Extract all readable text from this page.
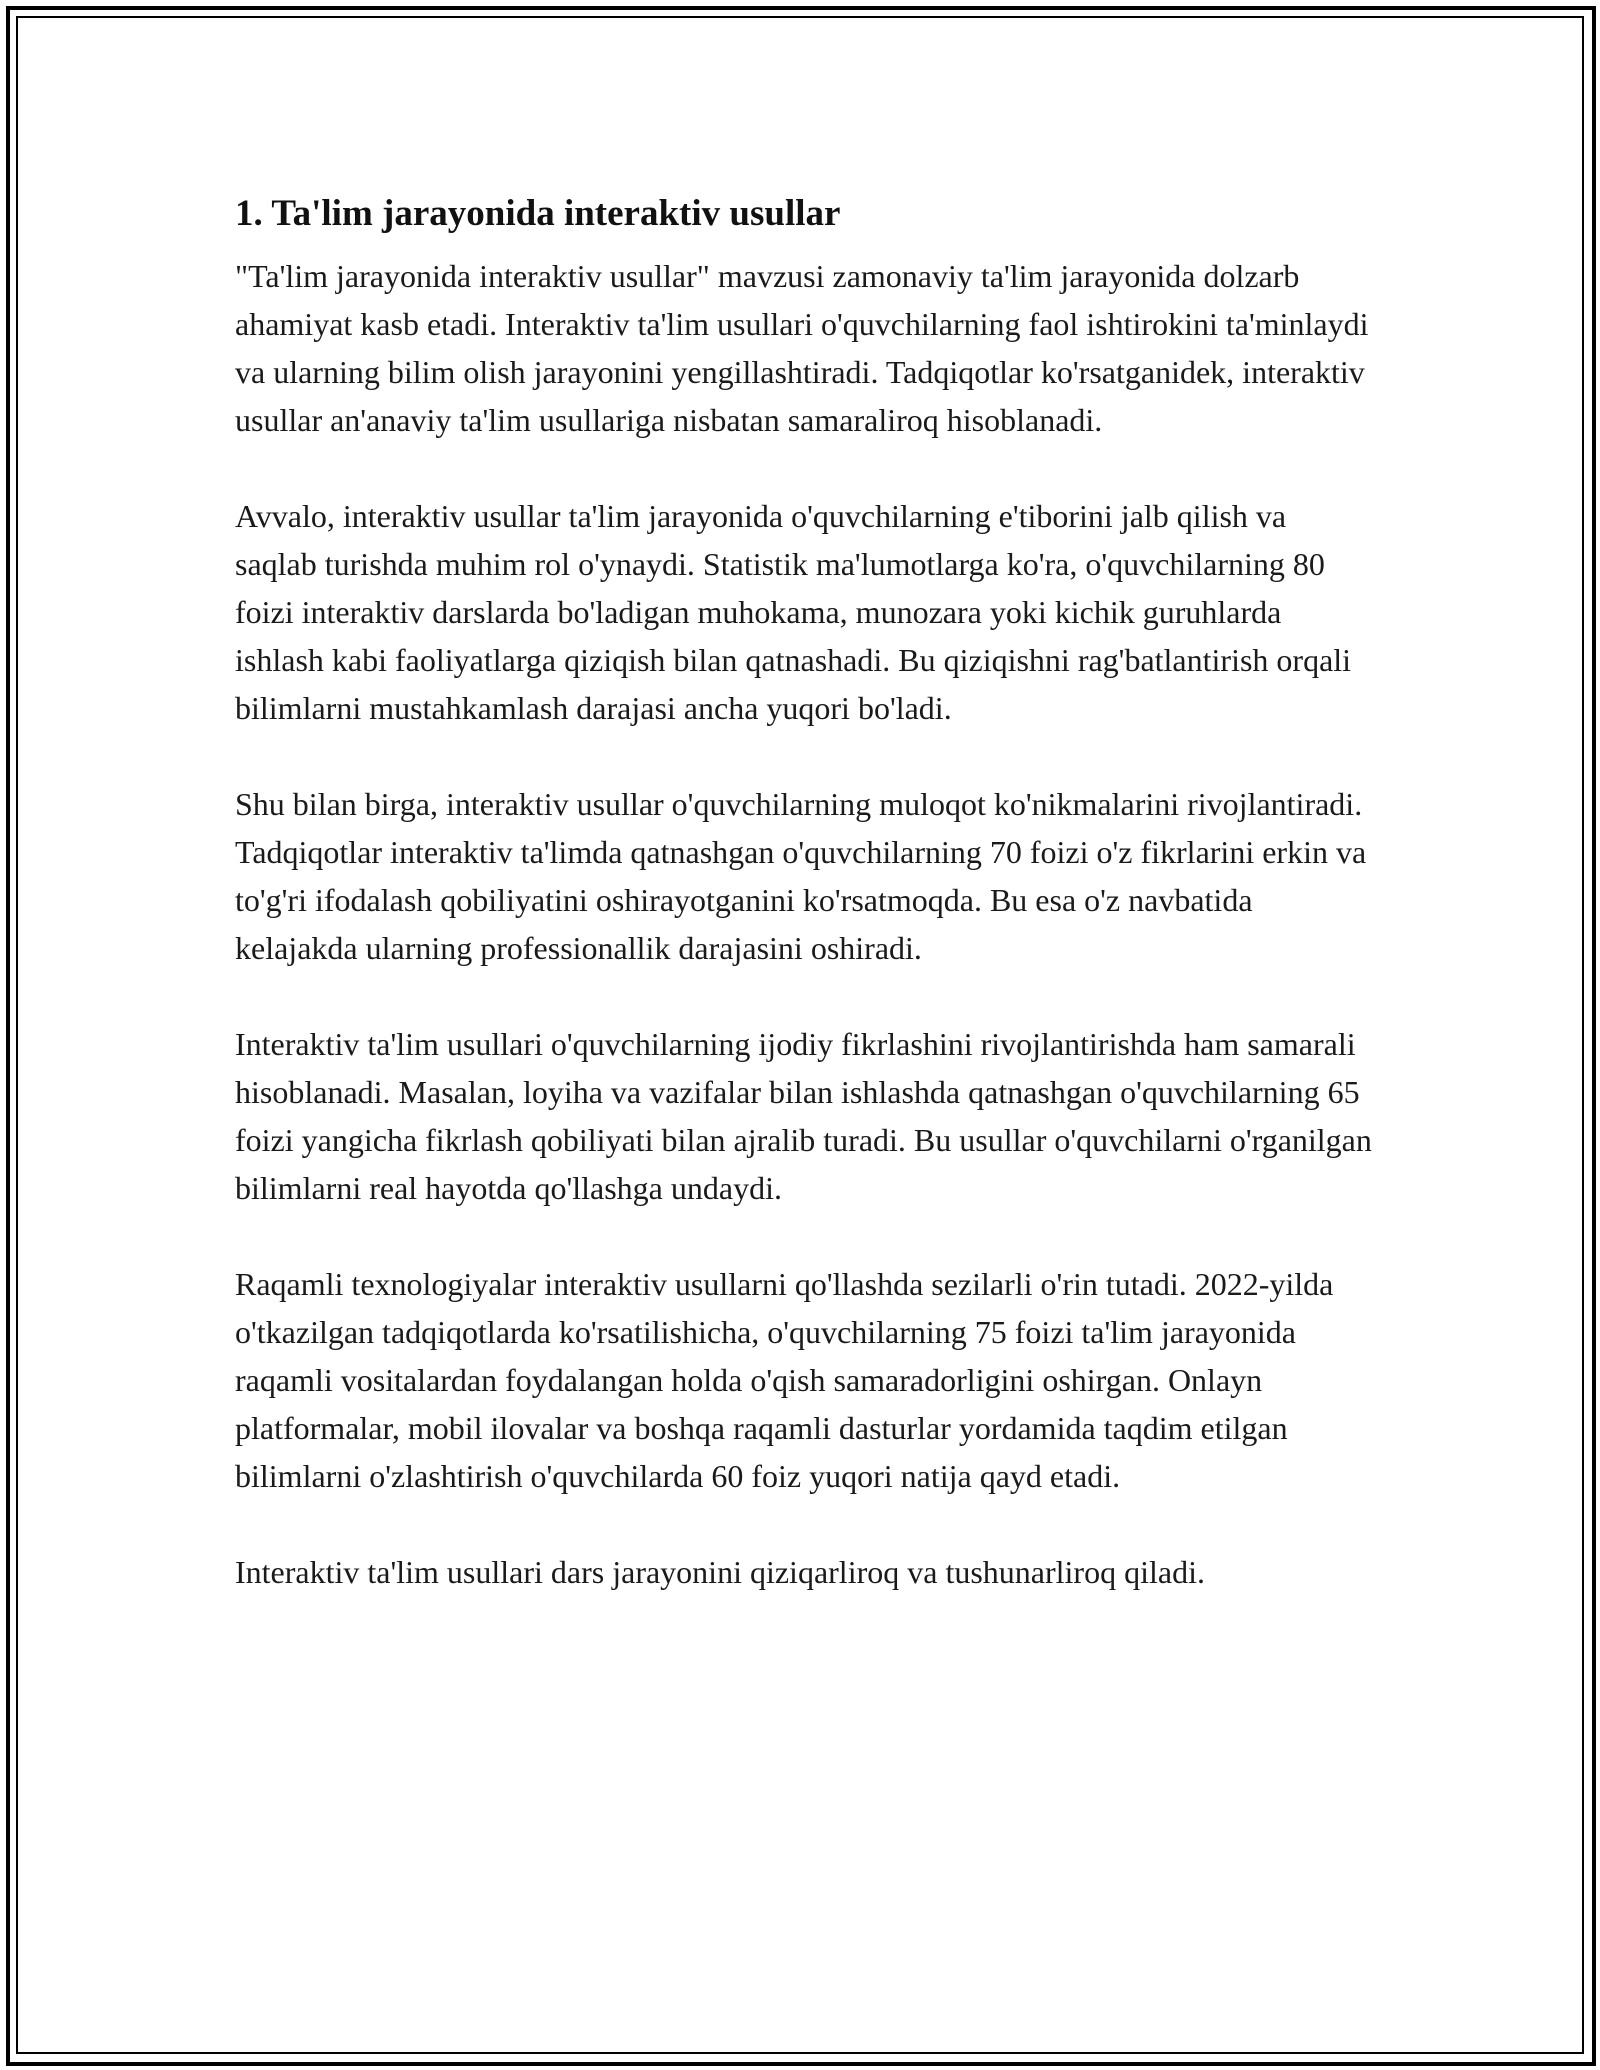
1. Ta'lim jarayonida interaktiv usullar

"Ta'lim jarayonida interaktiv usullar" mavzusi zamonaviy ta'lim jarayonida dolzarb ahamiyat kasb etadi. Interaktiv ta'lim usullari o'quvchilarning faol ishtirokini ta'minlaydi va ularning bilim olish jarayonini yengillashtiradi. Tadqiqotlar ko'rsatganidek, interaktiv usullar an'anaviy ta'lim usullariga nisbatan samaraliroq hisoblanadi.

Avvalo, interaktiv usullar ta'lim jarayonida o'quvchilarning e'tiborini jalb qilish va saqlab turishda muhim rol o'ynaydi. Statistik ma'lumotlarga ko'ra, o'quvchilarning 80 foizi interaktiv darslarda bo'ladigan muhokama, munozara yoki kichik guruhlarda ishlash kabi faoliyatlarga qiziqish bilan qatnashadi. Bu qiziqishni rag'batlantirish orqali bilimlarni mustahkamlash darajasi ancha yuqori bo'ladi.

Shu bilan birga, interaktiv usullar o'quvchilarning muloqot ko'nikmalarini rivojlantiradi. Tadqiqotlar interaktiv ta'limda qatnashgan o'quvchilarning 70 foizi o'z fikrlarini erkin va to'g'ri ifodalash qobiliyatini oshirayotganini ko'rsatmoqda. Bu esa o'z navbatida kelajakda ularning professionallik darajasini oshiradi.

Interaktiv ta'lim usullari o'quvchilarning ijodiy fikrlashini rivojlantirishda ham samarali hisoblanadi. Masalan, loyiha va vazifalar bilan ishlashda qatnashgan o'quvchilarning 65 foizi yangicha fikrlash qobiliyati bilan ajralib turadi. Bu usullar o'quvchilarni o'rganilgan bilimlarni real hayotda qo'llashga undaydi.

Raqamli texnologiyalar interaktiv usullarni qo'llashda sezilarli o'rin tutadi. 2022-yilda o'tkazilgan tadqiqotlarda ko'rsatilishicha, o'quvchilarning 75 foizi ta'lim jarayonida raqamli vositalardan foydalangan holda o'qish samaradorligini oshirgan. Onlayn platformalar, mobil ilovalar va boshqa raqamli dasturlar yordamida taqdim etilgan bilimlarni o'zlashtirish o'quvchilarda 60 foiz yuqori natija qayd etadi.

Interaktiv ta'lim usullari dars jarayonini qiziqarliroq va tushunarliroq qiladi.
